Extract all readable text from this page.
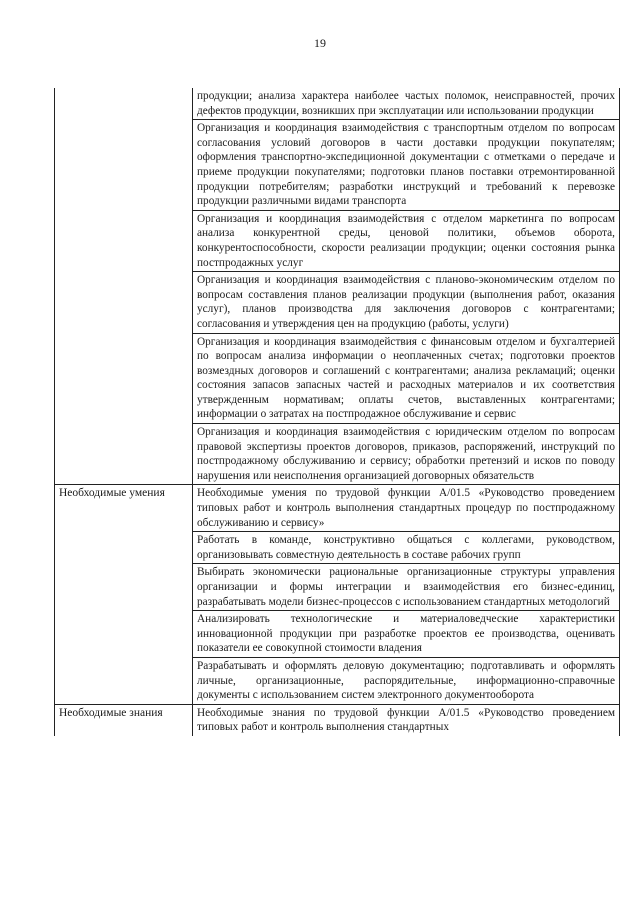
19
	продукции; анализа характера наиболее частых поломок, неисправностей, прочих дефектов продукции, возникших при эксплуатации или использовании продукции
	Организация и координация взаимодействия с транспортным отделом по вопросам согласования условий договоров в части доставки продукции покупателям; оформления транспортно-экспедиционной документации с отметками о передаче и приеме продукции покупателями; подготовки планов поставки отремонтированной продукции потребителям; разработки инструкций и требований к перевозке продукции различными видами транспорта
	Организация и координация взаимодействия с отделом маркетинга по вопросам анализа конкурентной среды, ценовой политики, объемов оборота, конкурентоспособности, скорости реализации продукции; оценки состояния рынка постпродажных услуг
	Организация и координация взаимодействия с планово-экономическим отделом по вопросам составления планов реализации продукции (выполнения работ, оказания услуг), планов производства для заключения договоров с контрагентами; согласования и утверждения цен на продукцию (работы, услуги)
	Организация и координация взаимодействия с финансовым отделом и бухгалтерией по вопросам анализа информации о неоплаченных счетах; подготовки проектов возмездных договоров и соглашений с контрагентами; анализа рекламаций; оценки состояния запасов запасных частей и расходных материалов и их соответствия утвержденным нормативам; оплаты счетов, выставленных контрагентами; информации о затратах на постпродажное обслуживание и сервис
	Организация и координация взаимодействия с юридическим отделом по вопросам правовой экспертизы проектов договоров, приказов, распоряжений, инструкций по постпродажному обслуживанию и сервису; обработки претензий и исков по поводу нарушения или неисполнения организацией договорных обязательств
Необходимые умения	Необходимые умения по трудовой функции A/01.5 «Руководство проведением типовых работ и контроль выполнения стандартных процедур по постпродажному обслуживанию и сервису»
	Работать в команде, конструктивно общаться с коллегами, руководством, организовывать совместную деятельность в составе рабочих групп
	Выбирать экономически рациональные организационные структуры управления организации и формы интеграции и взаимодействия его бизнес-единиц, разрабатывать модели бизнес-процессов с использованием стандартных методологий
	Анализировать технологические и материаловедческие характеристики инновационной продукции при разработке проектов ее производства, оценивать показатели ее совокупной стоимости владения
	Разрабатывать и оформлять деловую документацию; подготавливать и оформлять личные, организационные, распорядительные, информационно-справочные документы с использованием систем электронного документооборота
Необходимые знания	Необходимые знания по трудовой функции A/01.5 «Руководство проведением типовых работ и контроль выполнения стандартных
